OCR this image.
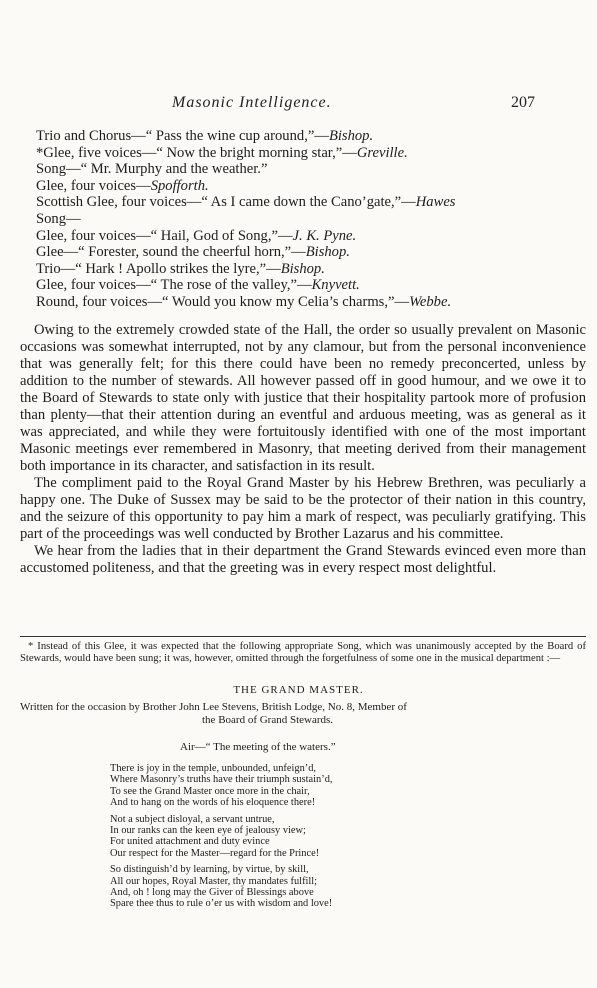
Masonic Intelligence.	207
Trio and Chorus—“ Pass the wine cup around,”—Bishop.
*Glee, five voices—“ Now the bright morning star,”—Greville.
Song—“ Mr. Murphy and the weather.”
Glee, four voices—Spofforth.
Scottish Glee, four voices—“ As I came down the Cano’gate,”—Hawes
Song—
Glee, four voices—“ Hail, God of Song,”—J. K. Pyne.
Glee—“ Forester, sound the cheerful horn,”—Bishop.
Trio—“ Hark ! Apollo strikes the lyre,”—Bishop.
Glee, four voices—“ The rose of the valley,”—Knyvett.
Round, four voices—“ Would you know my Celia’s charms,”—Webbe.

Owing to the extremely crowded state of the Hall, the order so usually prevalent on Masonic occasions was somewhat interrupted, not by any clamour, but from the personal inconvenience that was generally felt; for this there could have been no remedy preconcerted, unless by addition to the number of stewards. All however passed off in good humour, and we owe it to the Board of Stewards to state only with justice that their hospitality partook more of profusion than plenty—that their attention during an eventful and arduous meeting, was as general as it was appreciated, and while they were fortuitously identified with one of the most important Masonic meetings ever remembered in Masonry, that meeting derived from their management both importance in its character, and satisfaction in its result.

The compliment paid to the Royal Grand Master by his Hebrew Brethren, was peculiarly a happy one. The Duke of Sussex may be said to be the protector of their nation in this country, and the seizure of this opportunity to pay him a mark of respect, was peculiarly gratifying. This part of the proceedings was well conducted by Brother Lazarus and his committee.

We hear from the ladies that in their department the Grand Stewards evinced even more than accustomed politeness, and that the greeting was in every respect most delightful.

* Instead of this Glee, it was expected that the following appropriate Song, which was unanimously accepted by the Board of Stewards, would have been sung; it was, however, omitted through the forgetfulness of some one in the musical department :—
THE GRAND MASTER.
Written for the occasion by Brother John Lee Stevens, British Lodge, No. 8, Member of
the Board of Grand Stewards.
Air—“ The meeting of the waters.”
There is joy in the temple, unbounded, unfeign’d,
Where Masonry’s truths have their triumph sustain’d,
To see the Grand Master once more in the chair,
And to hang on the words of his eloquence there!
Not a subject disloyal, a servant untrue,
In our ranks can the keen eye of jealousy view;
For united attachment and duty evince
Our respect for the Master—regard for the Prince!
So distinguish’d by learning, by virtue, by skill,
All our hopes, Royal Master, thy mandates fulfill;
And, oh ! long may the Giver of Blessings above
Spare thee thus to rule o’er us with wisdom and love!
